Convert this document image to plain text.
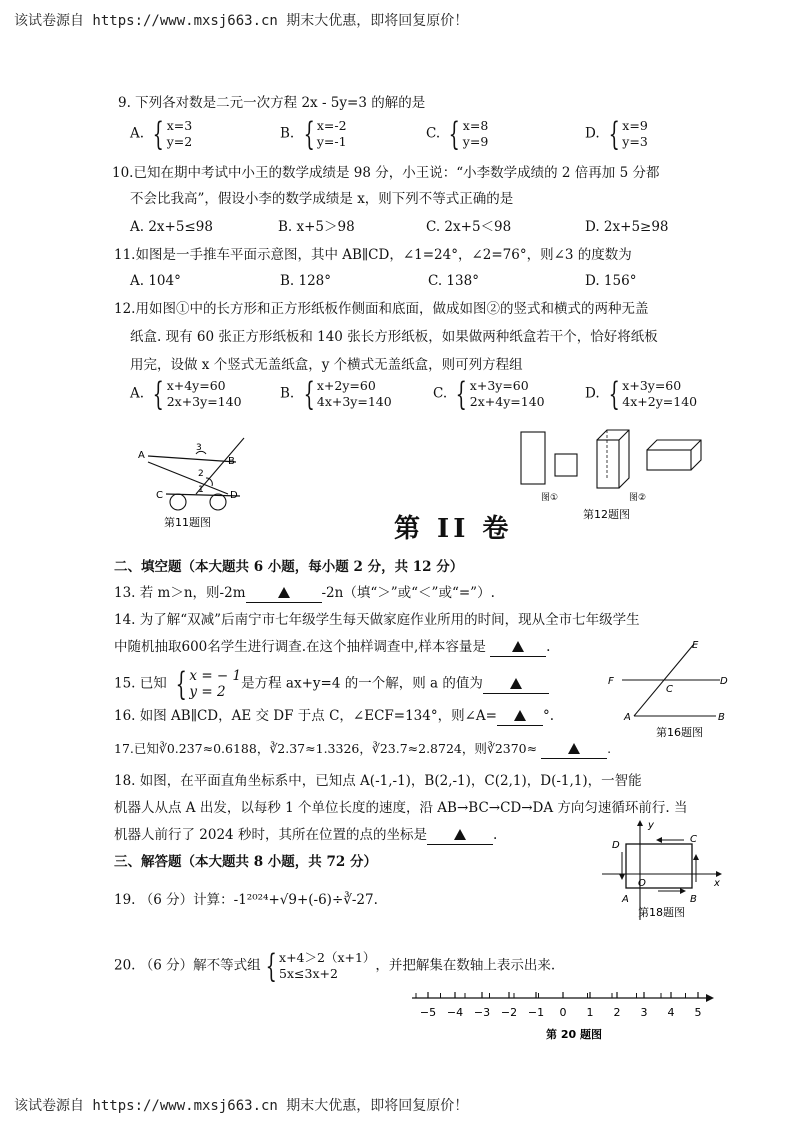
该试卷源自 https://www.mxsj663.cn 期末大优惠，即将回复原价！
9. 下列各对数是二元一次方程 2x - 5y=3 的解的是
A. { x=3
y=2	B. { x=-2
y=-1	C. { x=8
y=9	D. { x=9
y=3
10.已知在期中考试中小王的数学成绩是 98 分，小王说：“小李数学成绩的 2 倍再加 5 分都
不会比我高”，假设小李的数学成绩是 x，则下列不等式正确的是
A. 2x+5≤98	B. x+5＞98	C. 2x+5＜98	D. 2x+5≥98
11.如图是一手推车平面示意图，其中 AB∥CD，∠1=24°，∠2=76°，则∠3 的度数为
A. 104°	B. 128°	C. 138°	D. 156°
12.用如图①中的长方形和正方形纸板作侧面和底面，做成如图②的竖式和横式的两种无盖
纸盒. 现有 60 张正方形纸板和 140 张长方形纸板，如果做两种纸盒若干个，恰好将纸板
用完，设做 x 个竖式无盖纸盒，y 个横式无盖纸盒，则可列方程组
A. { x+4y=60
2x+3y=140	B. { x+2y=60
4x+3y=140	C. { x+3y=60
2x+4y=140	D. { x+3y=60
4x+2y=140
A
B
C	D
1
2
3
第11题图
图①	图②
第12题图
第 II 卷
二、填空题（本大题共 6 小题，每小题 2 分，共 12 分）
13. 若 m＞n，则-2m	-2n（填“＞”或“＜”或“=”）.
14. 为了解“双减”后南宁市七年级学生每天做家庭作业所用的时间，现从全市七年级学生
中随机抽取600名学生进行调查.在这个抽样调查中,样本容量是	.
15. 已知 { x = − 1
y = 2是方程 ax+y=4 的一个解，则 a 的值为
E
F
C
D
A	B
第16题图
16. 如图 AB∥CD，AE 交 DF 于点 C，∠ECF=134°，则∠A=	°.
17.已知∛0.237≈0.6188，∛2.37≈1.3326，∛23.7≈2.8724，则∛2370≈	.
18. 如图，在平面直角坐标系中，已知点 A(-1,-1)，B(2,-1)，C(2,1)，D(-1,1)，一智能
机器人从点 A 出发，以每秒 1 个单位长度的速度，沿 AB→BC→CD→DA 方向匀速循环前行. 当
机器人前行了 2024 秒时，其所在位置的点的坐标是	.
y
x
O
A	B
C
D
第18题图
三、解答题（本大题共 8 小题，共 72 分）
19. （6 分）计算：-1²⁰²⁴+√9+(-6)÷∛-27.
20. （6 分）解不等式组 { x+4＞2（x+1）
5x≤3x+2	，并把解集在数轴上表示出来.
−5 −4 −3 −2 −1 0 1 2 3 4 5
第 20 题图
该试卷源自 https://www.mxsj663.cn 期末大优惠，即将回复原价！
